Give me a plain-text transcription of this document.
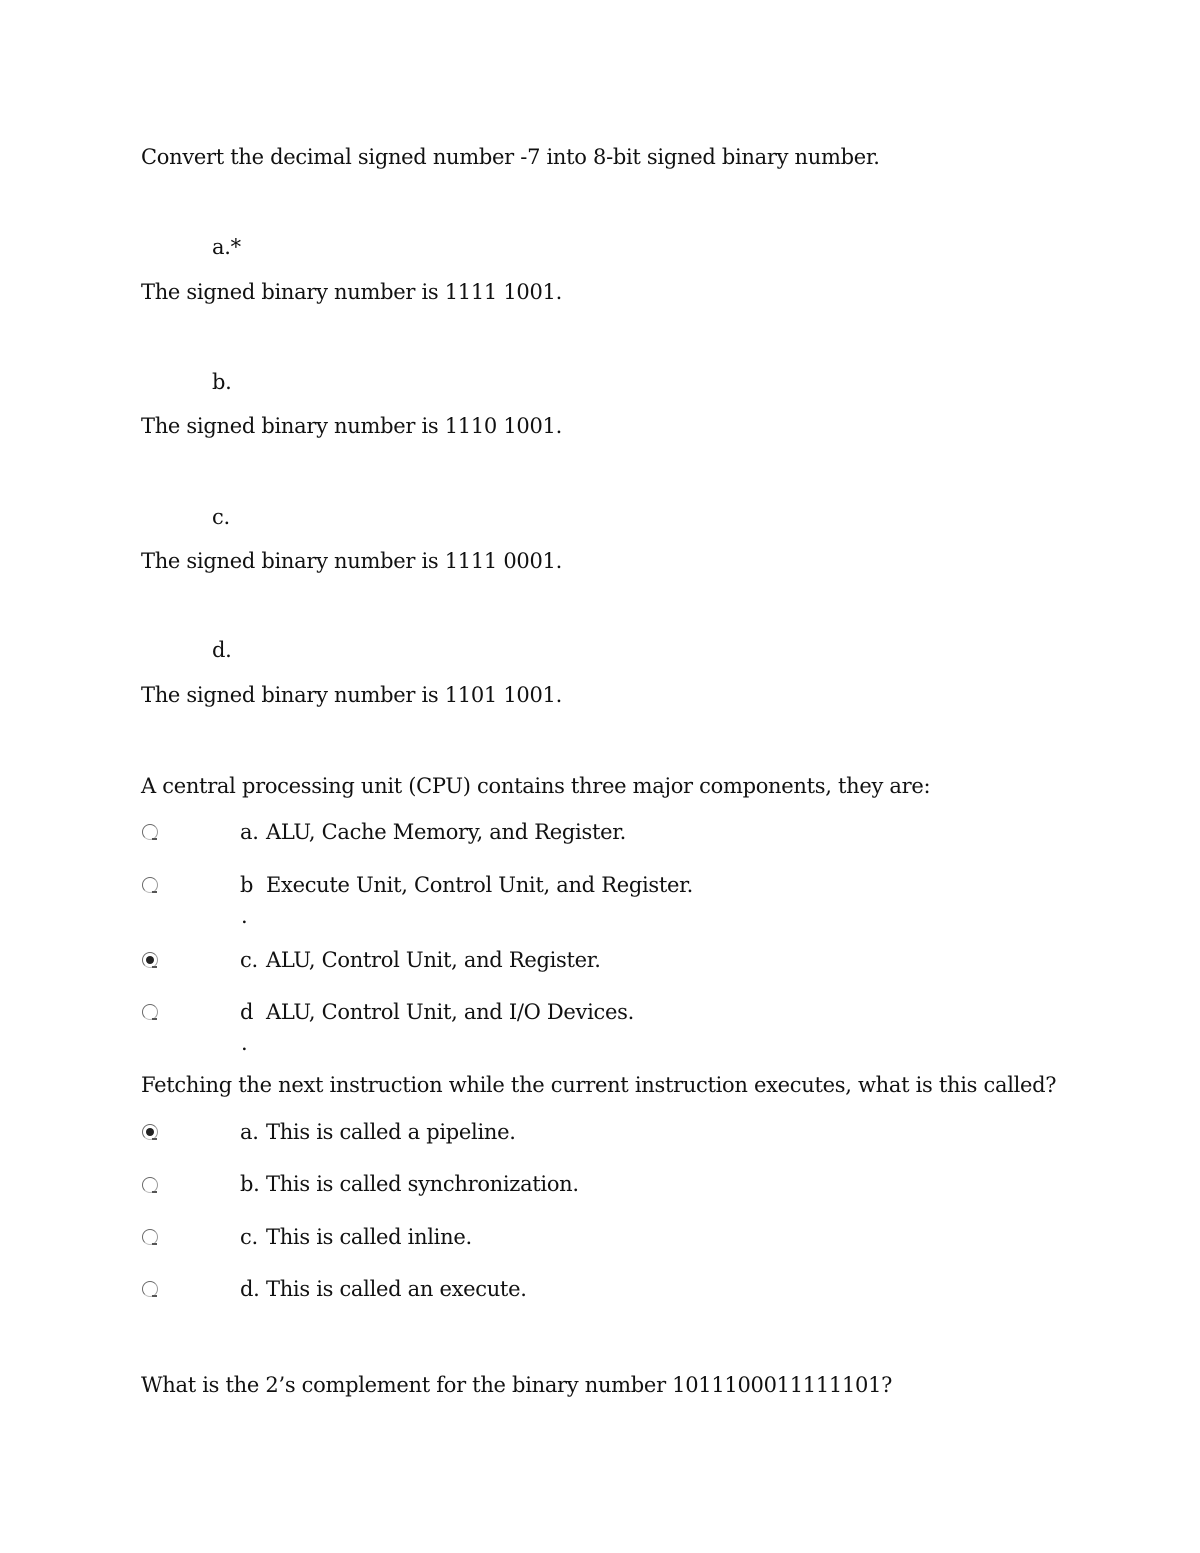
Convert the decimal signed number -7 into 8-bit signed binary number.
a.*
The signed binary number is 1111 1001.
b.
The signed binary number is 1110 1001.
c.
The signed binary number is 1111 0001.
d.
The signed binary number is 1101 1001.
A central processing unit (CPU) contains three major components, they are:
a. ALU, Cache Memory, and Register.
b Execute Unit, Control Unit, and Register.
.
c. ALU, Control Unit, and Register.
d ALU, Control Unit, and I/O Devices.
.
Fetching the next instruction while the current instruction executes, what is this called?
a. This is called a pipeline.
b. This is called synchronization.
c. This is called inline.
d. This is called an execute.
What is the 2’s complement for the binary number 1011100011111101?
